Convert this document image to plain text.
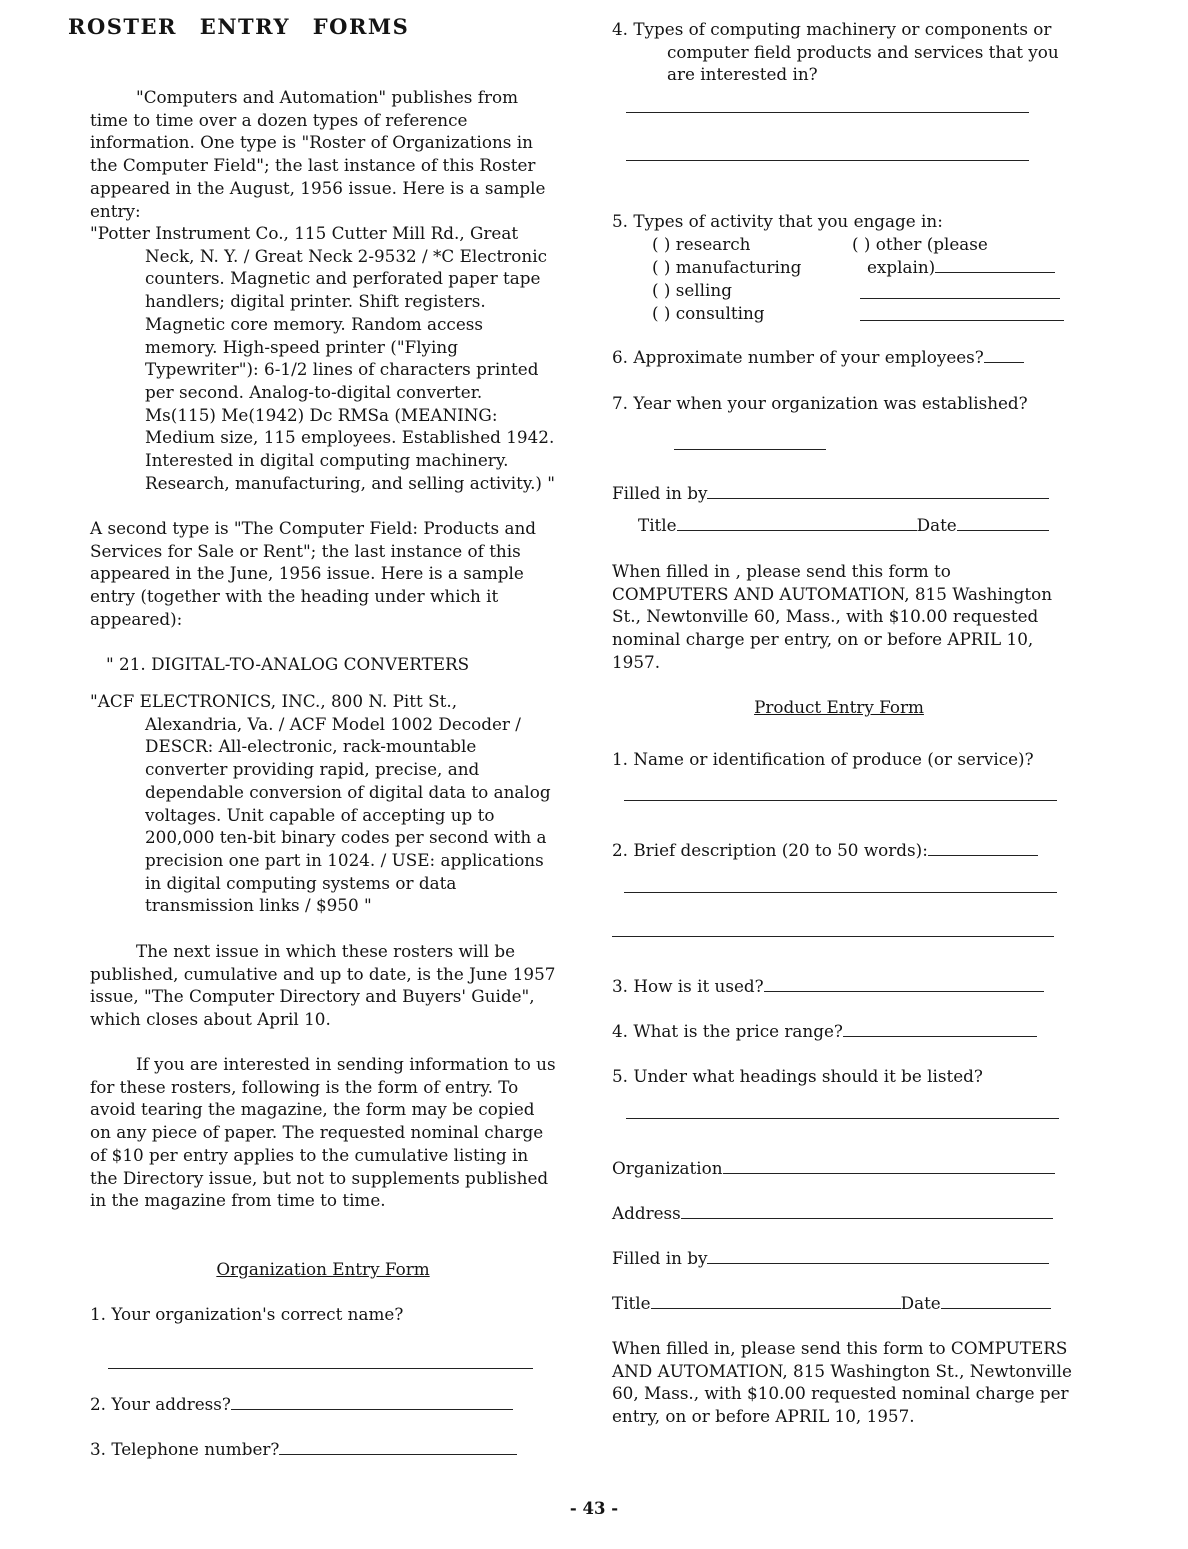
ROSTER ENTRY FORMS

"Computers and Automation" publishes from time to time over a dozen types of reference information. One type is "Roster of Organizations in the Computer Field"; the last instance of this Roster appeared in the August, 1956 issue. Here is a sample entry:

"Potter Instrument Co., 115 Cutter Mill Rd., Great Neck, N. Y. / Great Neck 2-9532 / *C Electronic counters. Magnetic and perforated paper tape handlers; digital printer. Shift registers. Magnetic core memory. Random access memory. High-speed printer ("Flying Typewriter"): 6-1/2 lines of characters printed per second. Analog-to-digital converter. Ms(115) Me(1942) Dc RMSa (MEANING: Medium size, 115 employees. Established 1942. Interested in digital computing machinery. Research, manufacturing, and selling activity.) "

A second type is "The Computer Field: Products and Services for Sale or Rent"; the last instance of this appeared in the June, 1956 issue. Here is a sample entry (together with the heading under which it appeared):

" 21. DIGITAL-TO-ANALOG CONVERTERS

"ACF ELECTRONICS, INC., 800 N. Pitt St., Alexandria, Va. / ACF Model 1002 Decoder / DESCR: All-electronic, rack-mountable converter providing rapid, precise, and dependable conversion of digital data to analog voltages. Unit capable of accepting up to 200,000 ten-bit binary codes per second with a precision one part in 1024. / USE: applications in digital computing systems or data transmission links / $950 "

The next issue in which these rosters will be published, cumulative and up to date, is the June 1957 issue, "The Computer Directory and Buyers' Guide", which closes about April 10.

If you are interested in sending information to us for these rosters, following is the form of entry. To avoid tearing the magazine, the form may be copied on any piece of paper. The requested nominal charge of $10 per entry applies to the cumulative listing in the Directory issue, but not to supplements published in the magazine from time to time.

Organization Entry Form

1. Your organization's correct name?

2. Your address?

3. Telephone number?

4. Types of computing machinery or components or computer field products and services that you are interested in?

5. Types of activity that you engage in:

( ) research
( ) manufacturing
( ) selling
( ) consulting
( ) other (please
explain)

6. Approximate number of your employees?

7. Year when your organization was established?

Filled in by

Title	Date

When filled in , please send this form to COMPUTERS AND AUTOMATION, 815 Washington St., Newtonville 60, Mass., with $10.00 requested nominal charge per entry, on or before APRIL 10, 1957.

Product Entry Form

1. Name or identification of produce (or service)?

2. Brief description (20 to 50 words):

3. How is it used?

4. What is the price range?

5. Under what headings should it be listed?

Organization

Address

Filled in by

Title	Date

When filled in, please send this form to COMPUTERS AND AUTOMATION, 815 Washington St., Newtonville 60, Mass., with $10.00 requested nominal charge per entry, on or before APRIL 10, 1957.

- 43 -
